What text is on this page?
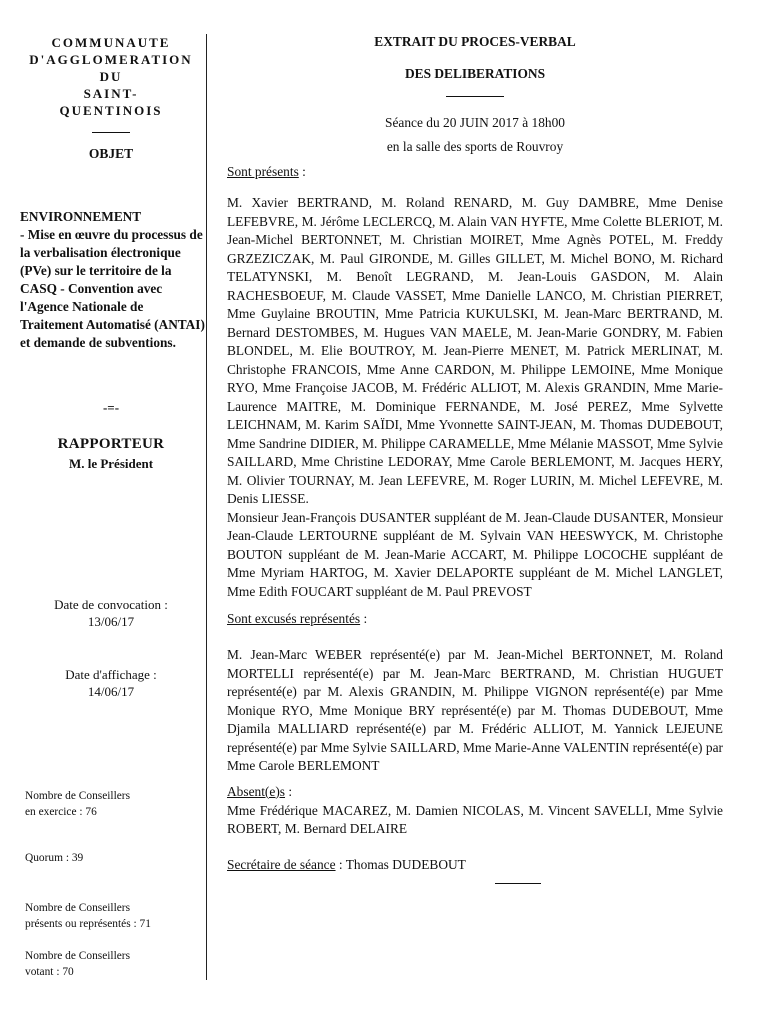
COMMUNAUTE
D'AGGLOMERATION
DU
SAINT-
QUENTINOIS
OBJET
ENVIRONNEMENT
- Mise en œuvre du processus de la verbalisation électronique (PVe) sur le territoire de la CASQ - Convention avec l'Agence Nationale de Traitement Automatisé (ANTAI) et demande de subventions.
-=-
RAPPORTEUR
M. le Président
Date de convocation :
13/06/17
Date d'affichage :
14/06/17
Nombre de Conseillers
en exercice : 76
Quorum : 39
Nombre de Conseillers
présents ou représentés : 71
Nombre de Conseillers
votant : 70
EXTRAIT DU PROCES-VERBAL
DES DELIBERATIONS
Séance du 20 JUIN 2017 à 18h00
en la salle des sports de Rouvroy

Sont présents :

M. Xavier BERTRAND, M. Roland RENARD, M. Guy DAMBRE, Mme Denise LEFEBVRE, M. Jérôme LECLERCQ, M. Alain VAN HYFTE, Mme Colette BLERIOT, M. Jean-Michel BERTONNET, M. Christian MOIRET, Mme Agnès POTEL, M. Freddy GRZEZICZAK, M. Paul GIRONDE, M. Gilles GILLET, M. Michel BONO, M. Richard TELATYNSKI, M. Benoît LEGRAND, M. Jean-Louis GASDON, M. Alain RACHESBOEUF, M. Claude VASSET, Mme Danielle LANCO, M. Christian PIERRET, Mme Guylaine BROUTIN, Mme Patricia KUKULSKI, M. Jean-Marc BERTRAND, M. Bernard DESTOMBES, M. Hugues VAN MAELE, M. Jean-Marie GONDRY, M. Fabien BLONDEL, M. Elie BOUTROY, M. Jean-Pierre MENET, M. Patrick MERLINAT, M. Christophe FRANCOIS, Mme Anne CARDON, M. Philippe LEMOINE, Mme Monique RYO, Mme Françoise JACOB, M. Frédéric ALLIOT, M. Alexis GRANDIN, Mme Marie-Laurence MAITRE, M. Dominique FERNANDE, M. José PEREZ, Mme Sylvette LEICHNAM, M. Karim SAÏDI, Mme Yvonnette SAINT-JEAN, M. Thomas DUDEBOUT, Mme Sandrine DIDIER, M. Philippe CARAMELLE, Mme Mélanie MASSOT, Mme Sylvie SAILLARD, Mme Christine LEDORAY, Mme Carole BERLEMONT, M. Jacques HERY, M. Olivier TOURNAY, M. Jean LEFEVRE, M. Roger LURIN, M. Michel LEFEVRE, M. Denis LIESSE.

Monsieur Jean-François DUSANTER suppléant de M. Jean-Claude DUSANTER, Monsieur Jean-Claude LERTOURNE suppléant de M. Sylvain VAN HEESWYCK, M. Christophe BOUTON suppléant de M. Jean-Marie ACCART, M. Philippe LOCOCHE suppléant de Mme Myriam HARTOG, M. Xavier DELAPORTE suppléant de M. Michel LANGLET, Mme Edith FOUCART suppléant de M. Paul PREVOST

Sont excusés représentés :

M. Jean-Marc WEBER représenté(e) par M. Jean-Michel BERTONNET, M. Roland MORTELLI représenté(e) par M. Jean-Marc BERTRAND, M. Christian HUGUET représenté(e) par M. Alexis GRANDIN, M. Philippe VIGNON représenté(e) par Mme Monique RYO, Mme Monique BRY représenté(e) par M. Thomas DUDEBOUT, Mme Djamila MALLIARD représenté(e) par M. Frédéric ALLIOT, M. Yannick LEJEUNE représenté(e) par Mme Sylvie SAILLARD, Mme Marie-Anne VALENTIN représenté(e) par Mme Carole BERLEMONT

Absent(e)s :

Mme Frédérique MACAREZ, M. Damien NICOLAS, M. Vincent SAVELLI, Mme Sylvie ROBERT, M. Bernard DELAIRE

Secrétaire de séance : Thomas DUDEBOUT
